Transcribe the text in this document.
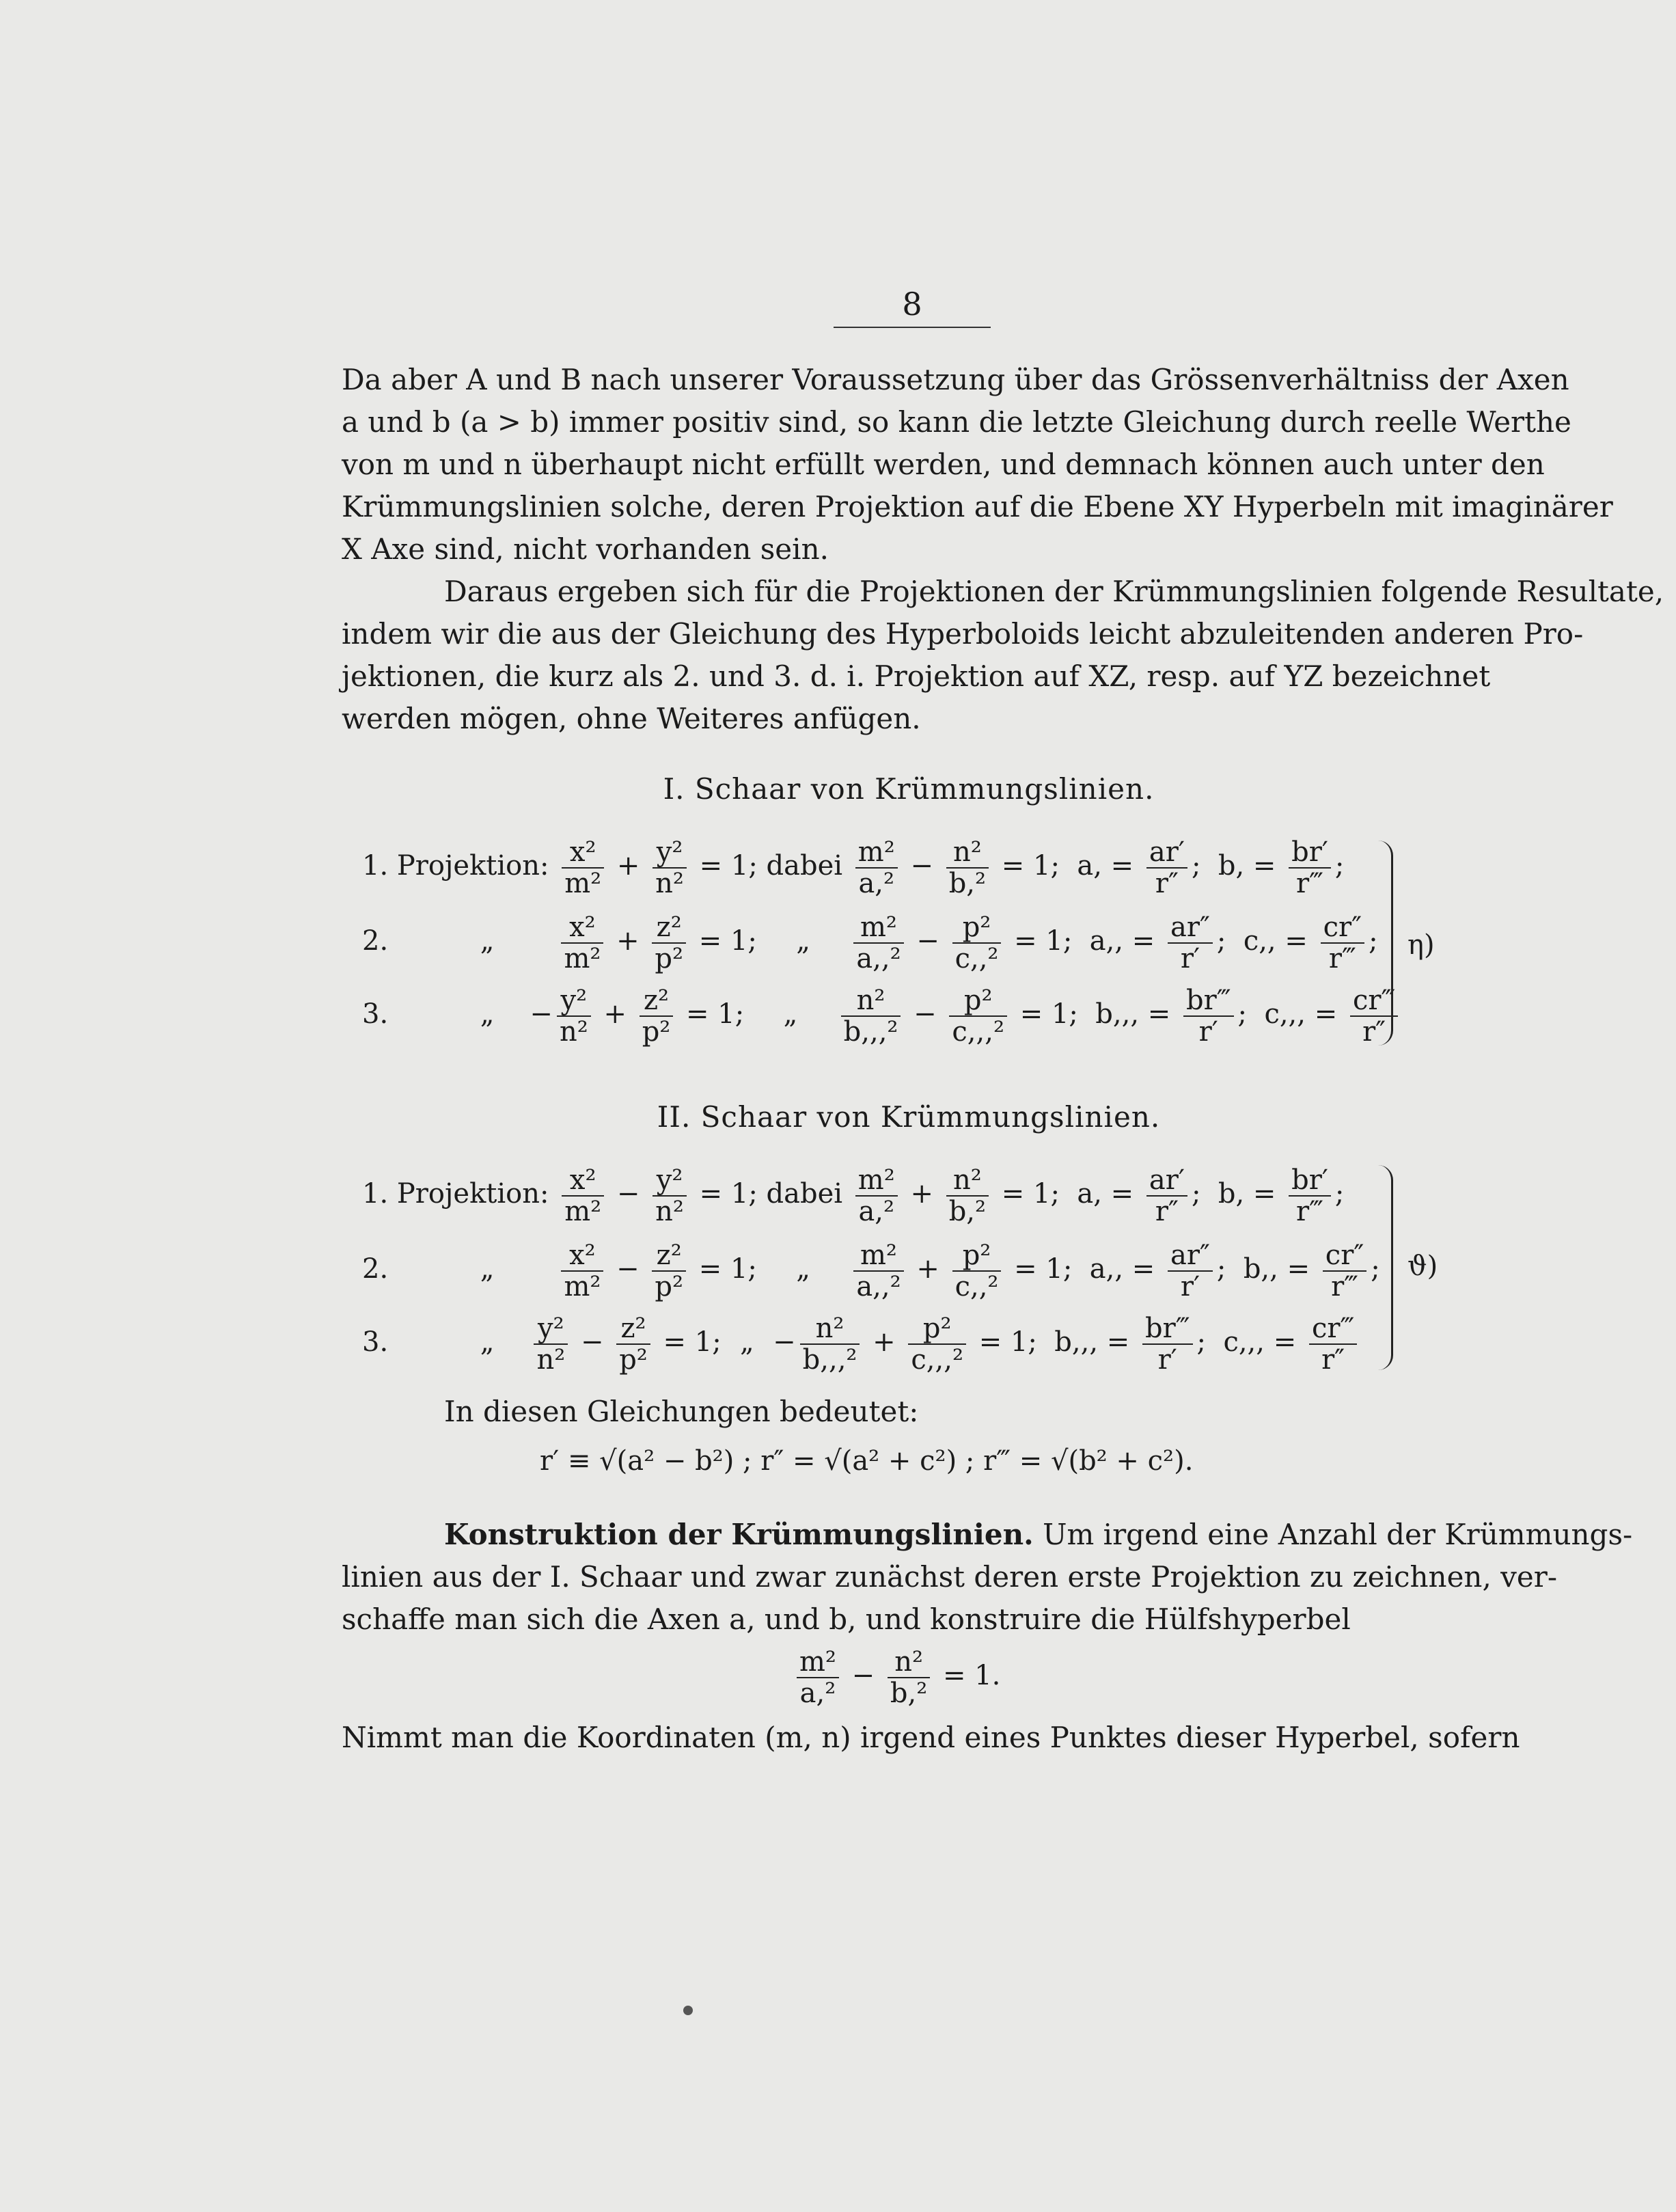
8
Da aber A und B nach unserer Voraussetzung über das Grössenverhältniss der Axen
a und b (a > b) immer positiv sind, so kann die letzte Gleichung durch reelle Werthe
von m und n überhaupt nicht erfüllt werden, und demnach können auch unter den
Krümmungslinien solche, deren Projektion auf die Ebene XY Hyperbeln mit imaginärer
X Axe sind, nicht vorhanden sein.
Daraus ergeben sich für die Projektionen der Krümmungslinien folgende Resultate,
indem wir die aus der Gleichung des Hyperboloids leicht abzuleitenden anderen Pro-
jektionen, die kurz als 2. und 3. d. i. Projektion auf XZ, resp. auf YZ bezeichnet
werden mögen, ohne Weiteres anfügen.
I. Schaar von Krümmungslinien.
1. Projektion: $\frac{\text{x²}}{\text{m²}} + \frac{\text{y²}}{\text{n²}} = 1$; dabei $\frac{\text{m²}}{\text{a,²}} - \frac{\text{n²}}{\text{b,²}} = 1$;  a, = $\frac{ar'}{r''}$ ;  b, = $\frac{br'}{r‴}$ ;
2.	„ $\frac{\text{x²}}{\text{m²}} + \frac{\text{z²}}{\text{p²}} = 1$; „ $\frac{\text{m²}}{\text{a,,²}} - \frac{\text{p²}}{\text{c,,²}} = 1$;  a,, = $\frac{ar''}{r'}$ ;  c,, = $\frac{cr''}{r‴}$ ;
3.	„ − $\frac{\text{y²}}{\text{n²}} + \frac{\text{z²}}{\text{p²}} = 1$; „ $\frac{\text{n²}}{\text{b,,,²}} - \frac{\text{p²}}{\text{c,,,²}} = 1$;  b,,, = $\frac{br‴}{r'}$ ;  c,,, = $\frac{cr‴}{r''}$
η)
II. Schaar von Krümmungslinien.
1. Projektion: $\frac{\text{x²}}{\text{m²}} - \frac{\text{y²}}{\text{n²}} = 1$; dabei $\frac{\text{m²}}{\text{a,²}} + \frac{\text{n²}}{\text{b,²}} = 1$;  a, = $\frac{ar'}{r''}$ ;  b, = $\frac{br'}{r‴}$ ;
2.	„ $\frac{\text{x²}}{\text{m²}} - \frac{\text{z²}}{\text{p²}} = 1$; „ $\frac{\text{m²}}{\text{a,,²}} + \frac{\text{p²}}{\text{c,,²}} = 1$;  a,, = $\frac{ar''}{r'}$ ;  b,, = $\frac{cr''}{r‴}$ ;
3.	„ $\frac{\text{y²}}{\text{n²}} - \frac{\text{z²}}{\text{p²}} = 1$; „ − $\frac{\text{n²}}{\text{b,,,²}} + \frac{\text{p²}}{\text{c,,,²}} = 1$;  b,,, = $\frac{br‴}{r'}$ ;  c,,, = $\frac{cr‴}{r''}$
ϑ)
In diesen Gleichungen bedeutet:
r′ ≡ √(a² − b²) ; r″ = √(a² + c²) ; r‴ = √(b² + c²).
Konstruktion der Krümmungslinien. Um irgend eine Anzahl der Krümmungs-
linien aus der I. Schaar und zwar zunächst deren erste Projektion zu zeichnen, ver-
schaffe man sich die Axen a, und b, und konstruire die Hülfshyperbel
$\frac{\text{m²}}{\text{a,²}} - \frac{\text{n²}}{\text{b,²}} = 1$.
Nimmt man die Koordinaten (m, n) irgend eines Punktes dieser Hyperbel, sofern
